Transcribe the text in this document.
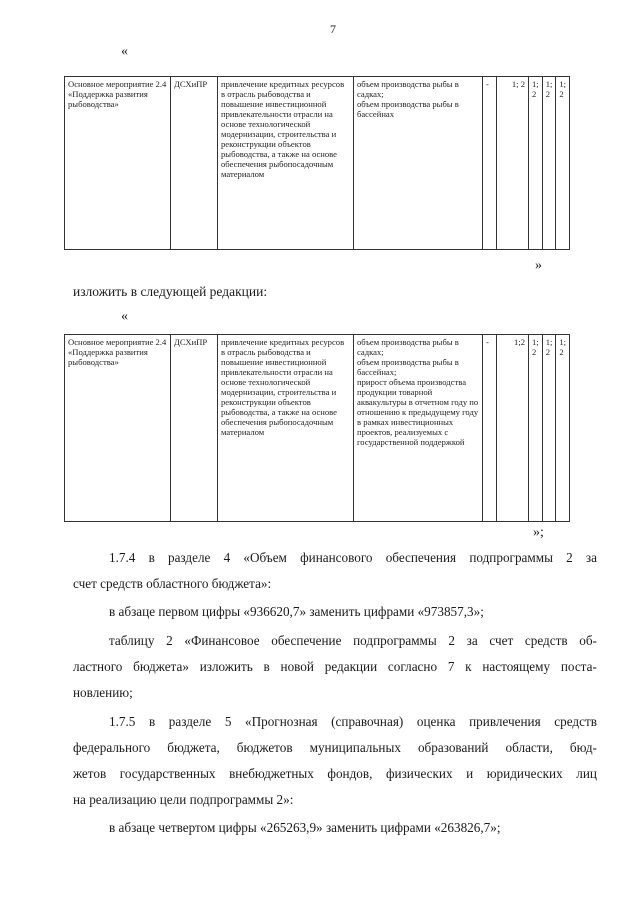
7
«
Основное мероприятие 2.4 «Поддержка развития рыбоводства»	ДСХиПР	привлечение кредитных ресурсов в отрасль рыбоводства и повышение инвестиционной привлекательности отрасли на основе технологической модернизации, строительства и реконструкции объектов рыбоводства, а также на основе обеспечения рыбопосадочным материалом	объем производства рыбы в садках;
объем производства рыбы в бассейнах	-	1; 2	1; 2	1; 2	1; 2
»
изложить в следующей редакции:
«
Основное мероприятие 2.4 «Поддержка развития рыбоводства»	ДСХиПР	привлечение кредитных ресурсов в отрасль рыбоводства и повышение инвестиционной привлекательности отрасли на основе технологической модернизации, строительства и реконструкции объектов рыбоводства, а также на основе обеспечения рыбопосадочным материалом	объем производства рыбы в садках;
объем производства рыбы в бассейнах;
прирост объема производства продукции товарной аквакультуры в отчетном году по отношению к предыдущему году в рамках инвестиционных проектов, реализуемых с государственной поддержкой	-	1;2	1; 2	1; 2	1; 2
»;
1.7.4 в разделе 4 «Объем финансового обеспечения подпрограммы 2 за
счет средств областного бюджета»:
в абзаце первом цифры «936620,7» заменить цифрами «973857,3»;
таблицу 2 «Финансовое обеспечение подпрограммы 2 за счет средств об-
ластного бюджета» изложить в новой редакции согласно 7 к настоящему поста-
новлению;
1.7.5 в разделе 5 «Прогнозная (справочная) оценка привлечения средств
федерального бюджета, бюджетов муниципальных образований области, бюд-
жетов государственных внебюджетных фондов, физических и юридических лиц
на реализацию цели подпрограммы 2»:
в абзаце четвертом цифры «265263,9» заменить цифрами «263826,7»;
